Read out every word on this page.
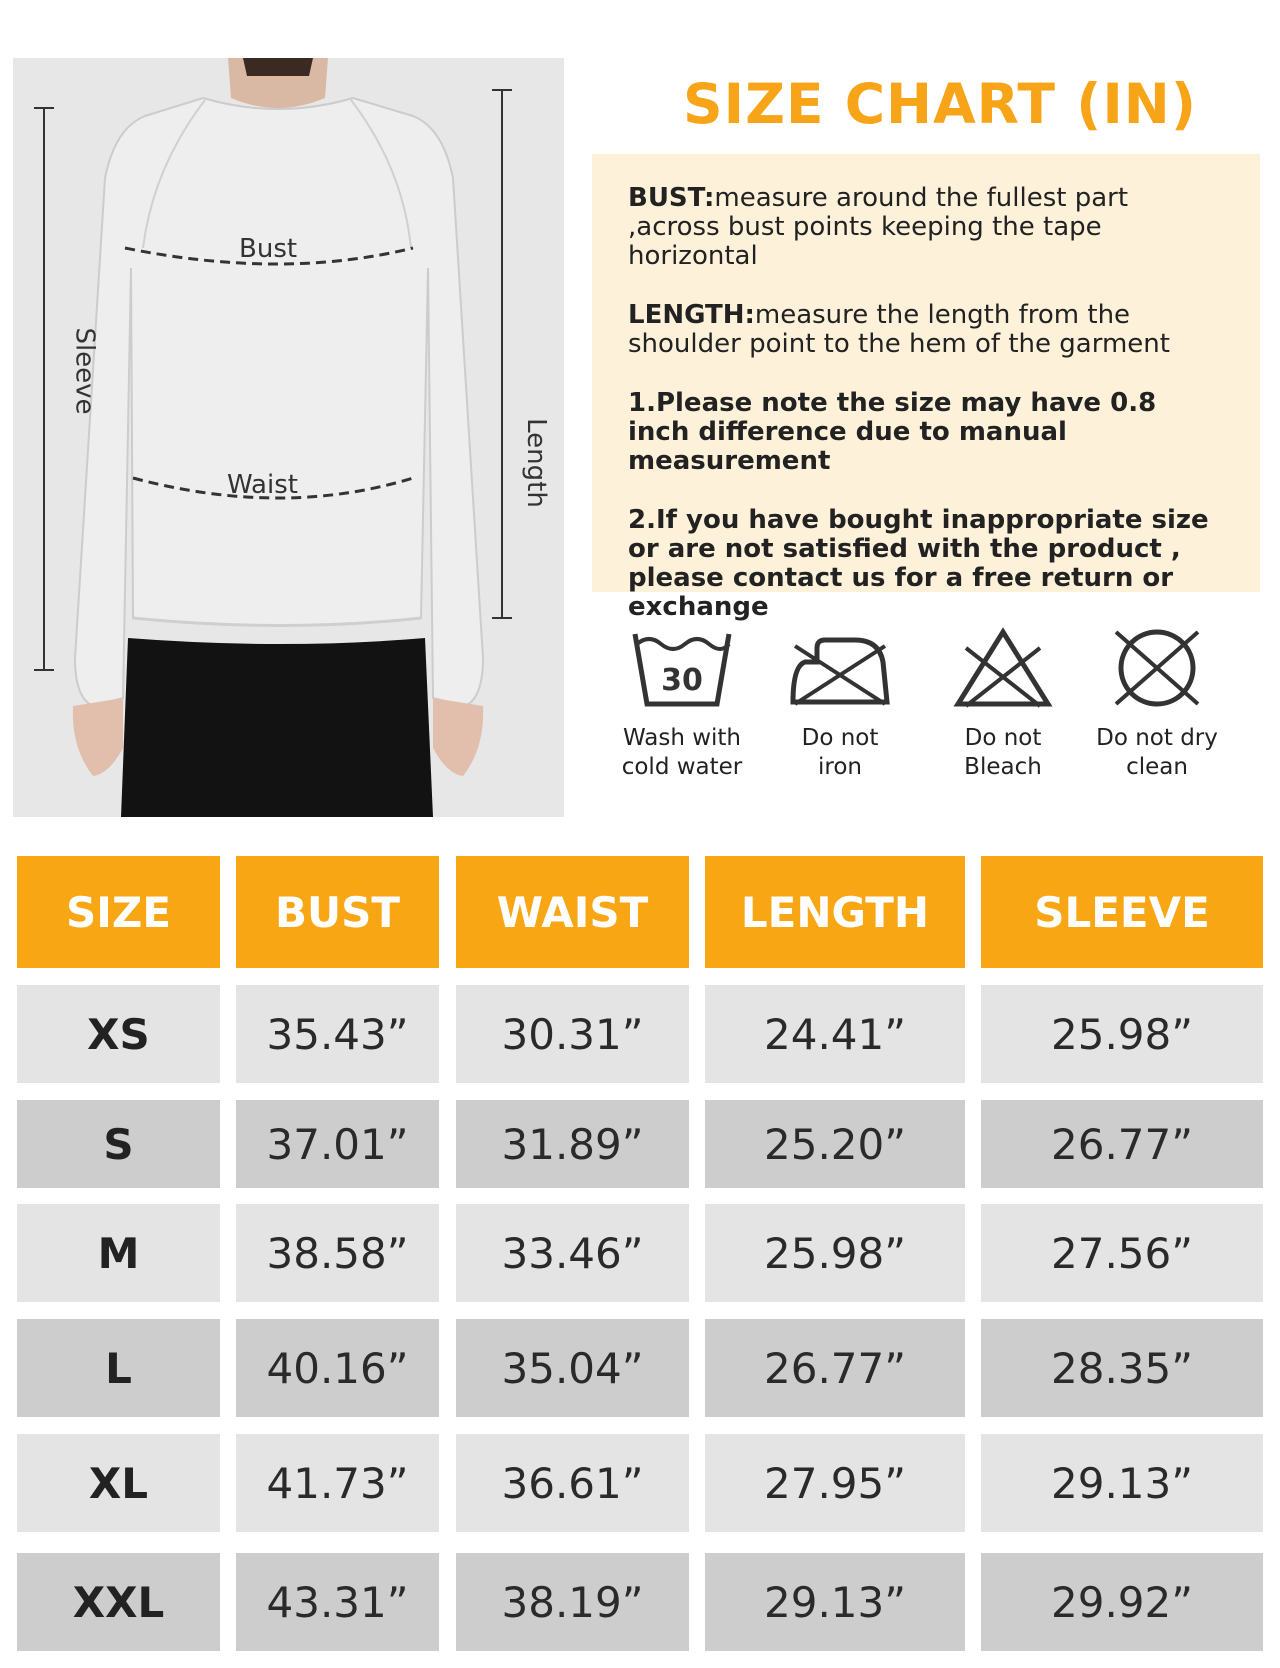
Bust
Waist
Sleeve
Length
SIZE CHART (IN)

BUST:measure around the fullest part ,across bust points keeping the tape horizontal

LENGTH:measure the length from the shoulder point to the hem of the garment

1.Please note the size may have 0.8 inch difference due to manual measurement

2.If you have bought inappropriate size or are not satisfied with the product , please contact us for a free return or exchange

30
Wash with
cold water
Do not
iron
Do not
Bleach
Do not dry
clean
SIZE	BUST	WAIST	LENGTH	SLEEVE
XS	35.43”	30.31”	24.41”	25.98”
S	37.01”	31.89”	25.20”	26.77”
M	38.58”	33.46”	25.98”	27.56”
L	40.16”	35.04”	26.77”	28.35”
XL	41.73”	36.61”	27.95”	29.13”
XXL	43.31”	38.19”	29.13”	29.92”
